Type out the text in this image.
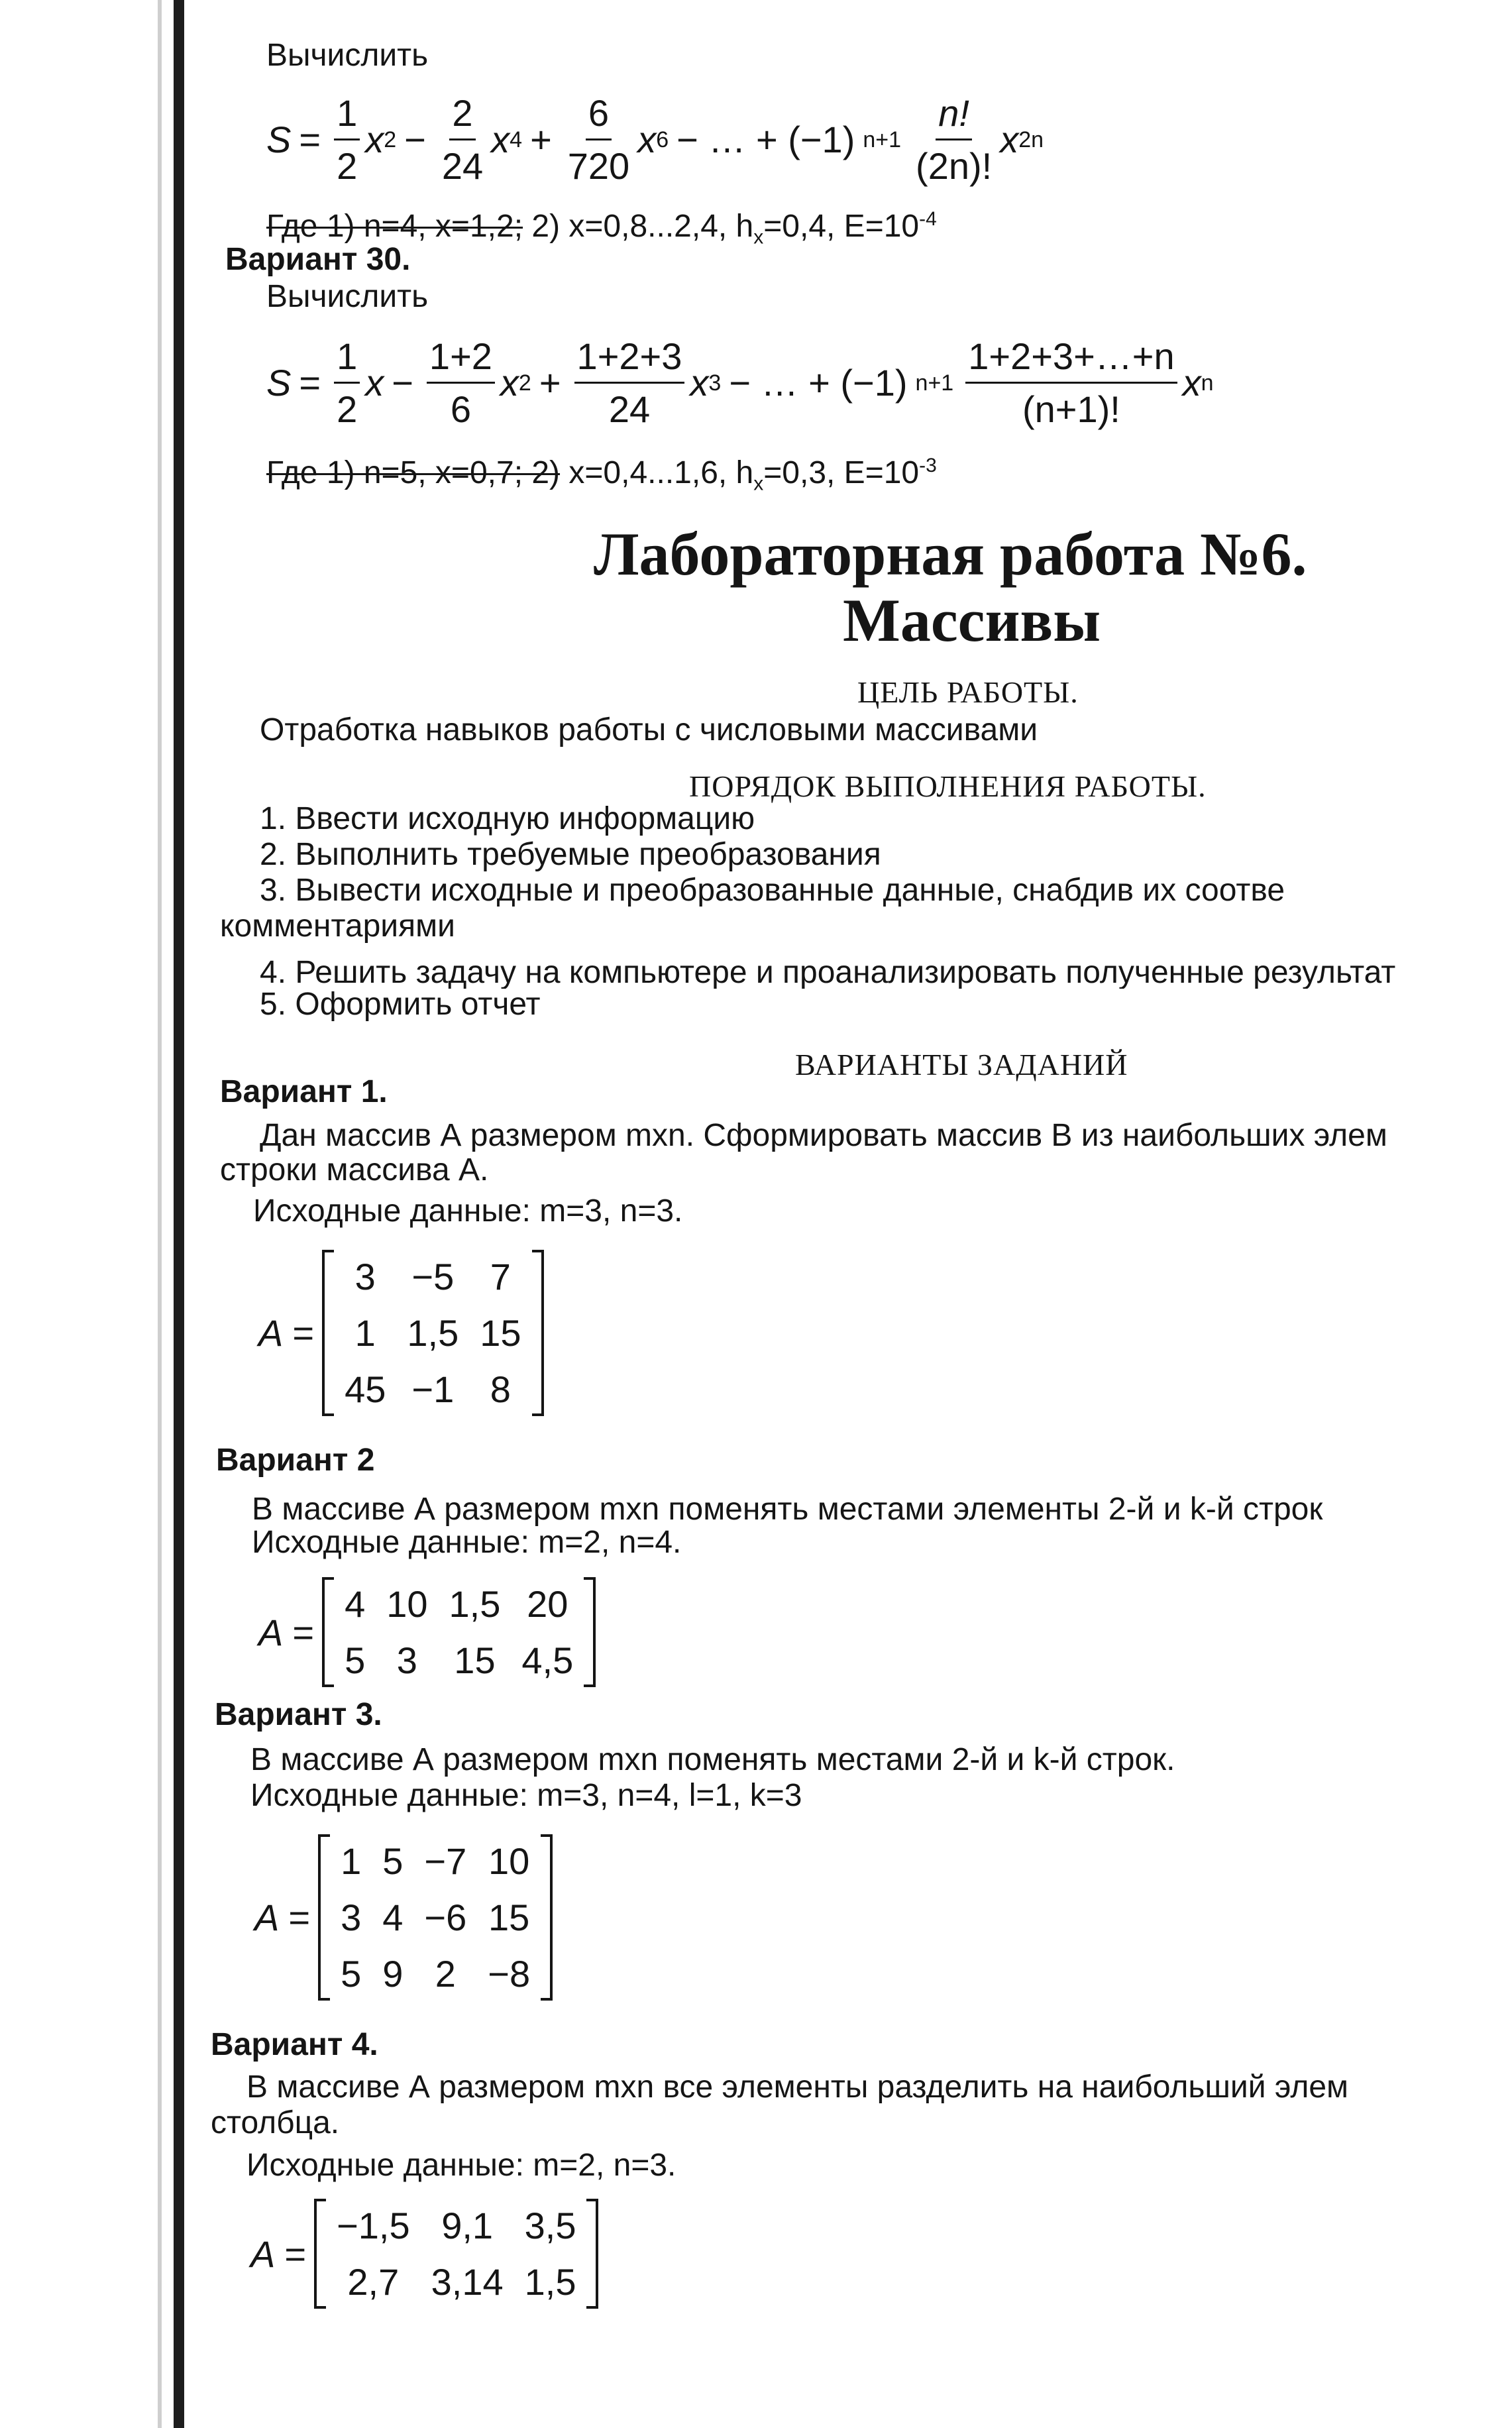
Вычислить
$S = \frac{1}{2}$ x $2 - \frac{2}{24}$ x $4 + \frac{6}{720}$ x 6 − … + (−1) $n+1 \frac{n!}{(2n)!}$ x 2n
Где 1) n=4, x=1,2; 2) x=0,8...2,4, $h_x=0,4$, $E=10^{-4}$
Вариант 30.
Вычислить
$S = \frac{1}{2}$ $x - \frac{1+2}{6}$ x $2 + \frac{1+2+3}{24}$ x 3 − … + (−1) $n+1 \frac{1+2+3+\dots+n}{(n+1)!}$ x n
Где 1) n=5, x=0,7; 2) x=0,4...1,6, $h_x=0,3$, $E=10^{-3}$
Лабораторная работа №6.
Массивы
ЦЕЛЬ РАБОТЫ.
Отработка навыков работы с числовыми массивами
ПОРЯДОК ВЫПОЛНЕНИЯ РАБОТЫ.
1. Ввести исходную информацию
2. Выполнить требуемые преобразования
3. Вывести исходные и преобразованные данные, снабдив их соотве
комментариями
4. Решить задачу на компьютере и проанализировать полученные результат
5. Оформить отчет
ВАРИАНТЫ ЗАДАНИЙ
Вариант 1.
Дан массив А размером mxn. Сформировать массив B из наибольших элем
строки массива А.
Исходные данные: m=3, n=3.
A =
3 −5 7
1 1,5 15
45 −1 8
Вариант 2
В массиве А размером mxn поменять местами элементы 2-й и k-й строк
Исходные данные: m=2, n=4.
A =
4 10 1,5 20
5 3 15 4,5
Вариант 3.
В массиве А размером mxn поменять местами 2-й и k-й строк.
Исходные данные: m=3, n=4, l=1, k=3
A =
1 5 −7 10
3 4 −6 15
5 9 2 −8
Вариант 4.
В массиве А размером mxn все элементы разделить на наибольший элем
столбца.
Исходные данные: m=2, n=3.
A =
−1,5 9,1 3,5
2,7 3,14 1,5
